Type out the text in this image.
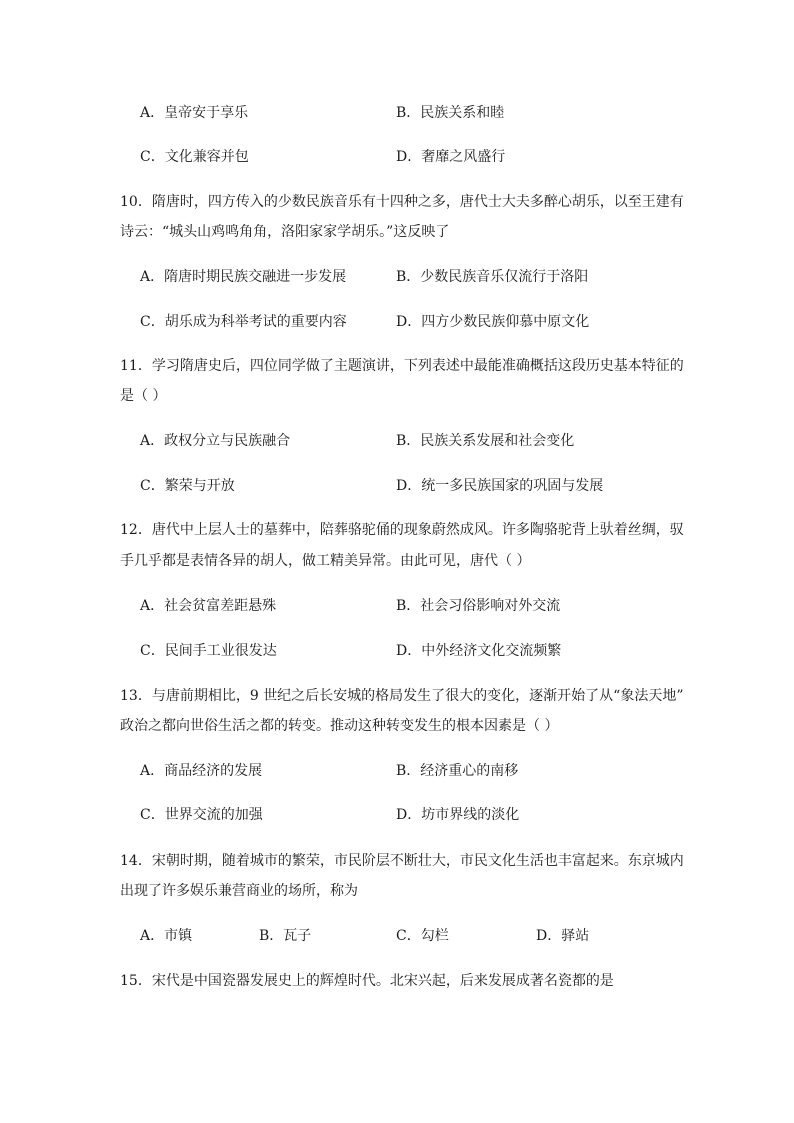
A．皇帝安于享乐	B．民族关系和睦
C．文化兼容并包	D．奢靡之风盛行
10．隋唐时，四方传入的少数民族音乐有十四种之多，唐代士大夫多醉心胡乐，以至王建有
诗云：“城头山鸡鸣角角，洛阳家家学胡乐。”这反映了
A．隋唐时期民族交融进一步发展	B．少数民族音乐仅流行于洛阳
C．胡乐成为科举考试的重要内容	D．四方少数民族仰慕中原文化
11．学习隋唐史后，四位同学做了主题演讲，下列表述中最能准确概括这段历史基本特征的
是（ ）
A．政权分立与民族融合	B．民族关系发展和社会变化
C．繁荣与开放	D．统一多民族国家的巩固与发展
12．唐代中上层人士的墓葬中，陪葬骆驼俑的现象蔚然成风。许多陶骆驼背上驮着丝绸，驭
手几乎都是表情各异的胡人，做工精美异常。由此可见，唐代（ ）
A．社会贫富差距悬殊	B．社会习俗影响对外交流
C．民间手工业很发达	D．中外经济文化交流频繁
13．与唐前期相比，9 世纪之后长安城的格局发生了很大的变化，逐渐开始了从“象法天地”
政治之都向世俗生活之都的转变。推动这种转变发生的根本因素是（ ）
A．商品经济的发展	B．经济重心的南移
C．世界交流的加强	D．坊市界线的淡化
14．宋朝时期，随着城市的繁荣，市民阶层不断壮大，市民文化生活也丰富起来。东京城内
出现了许多娱乐兼营商业的场所，称为
A．市镇	B．瓦子	C．勾栏	D．驿站
15．宋代是中国瓷器发展史上的辉煌时代。北宋兴起，后来发展成著名瓷都的是
